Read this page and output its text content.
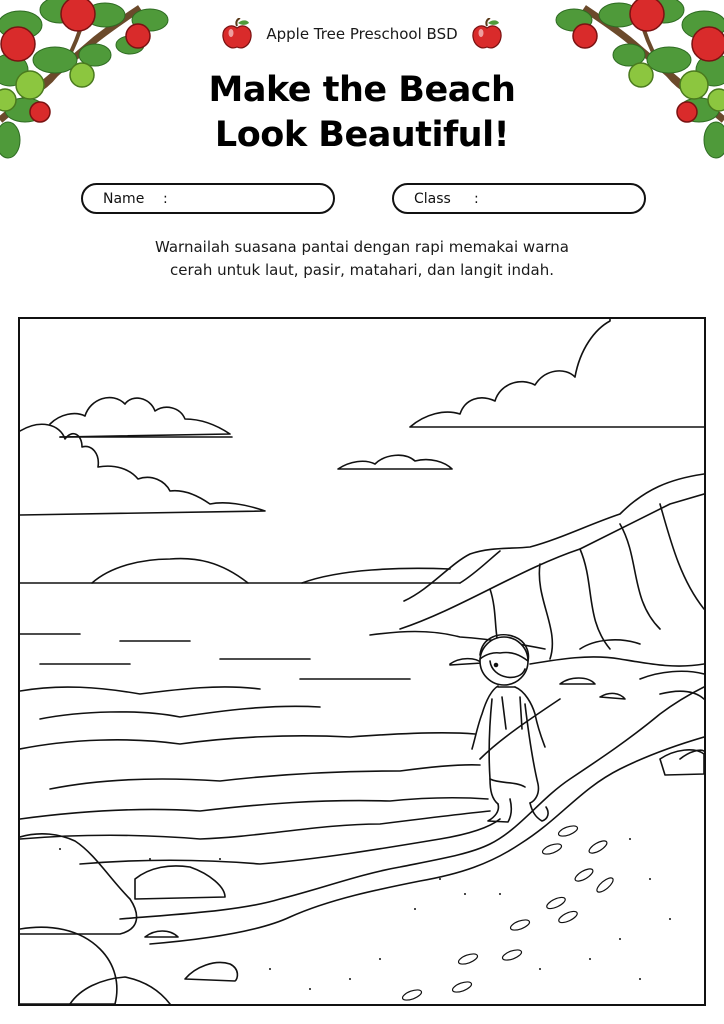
Apple Tree Preschool BSD
Make the Beach
Look Beautiful!
Name	:	Class	:
Warnailah suasana pantai dengan rapi memakai warna
cerah untuk laut, pasir, matahari, dan langit indah.
